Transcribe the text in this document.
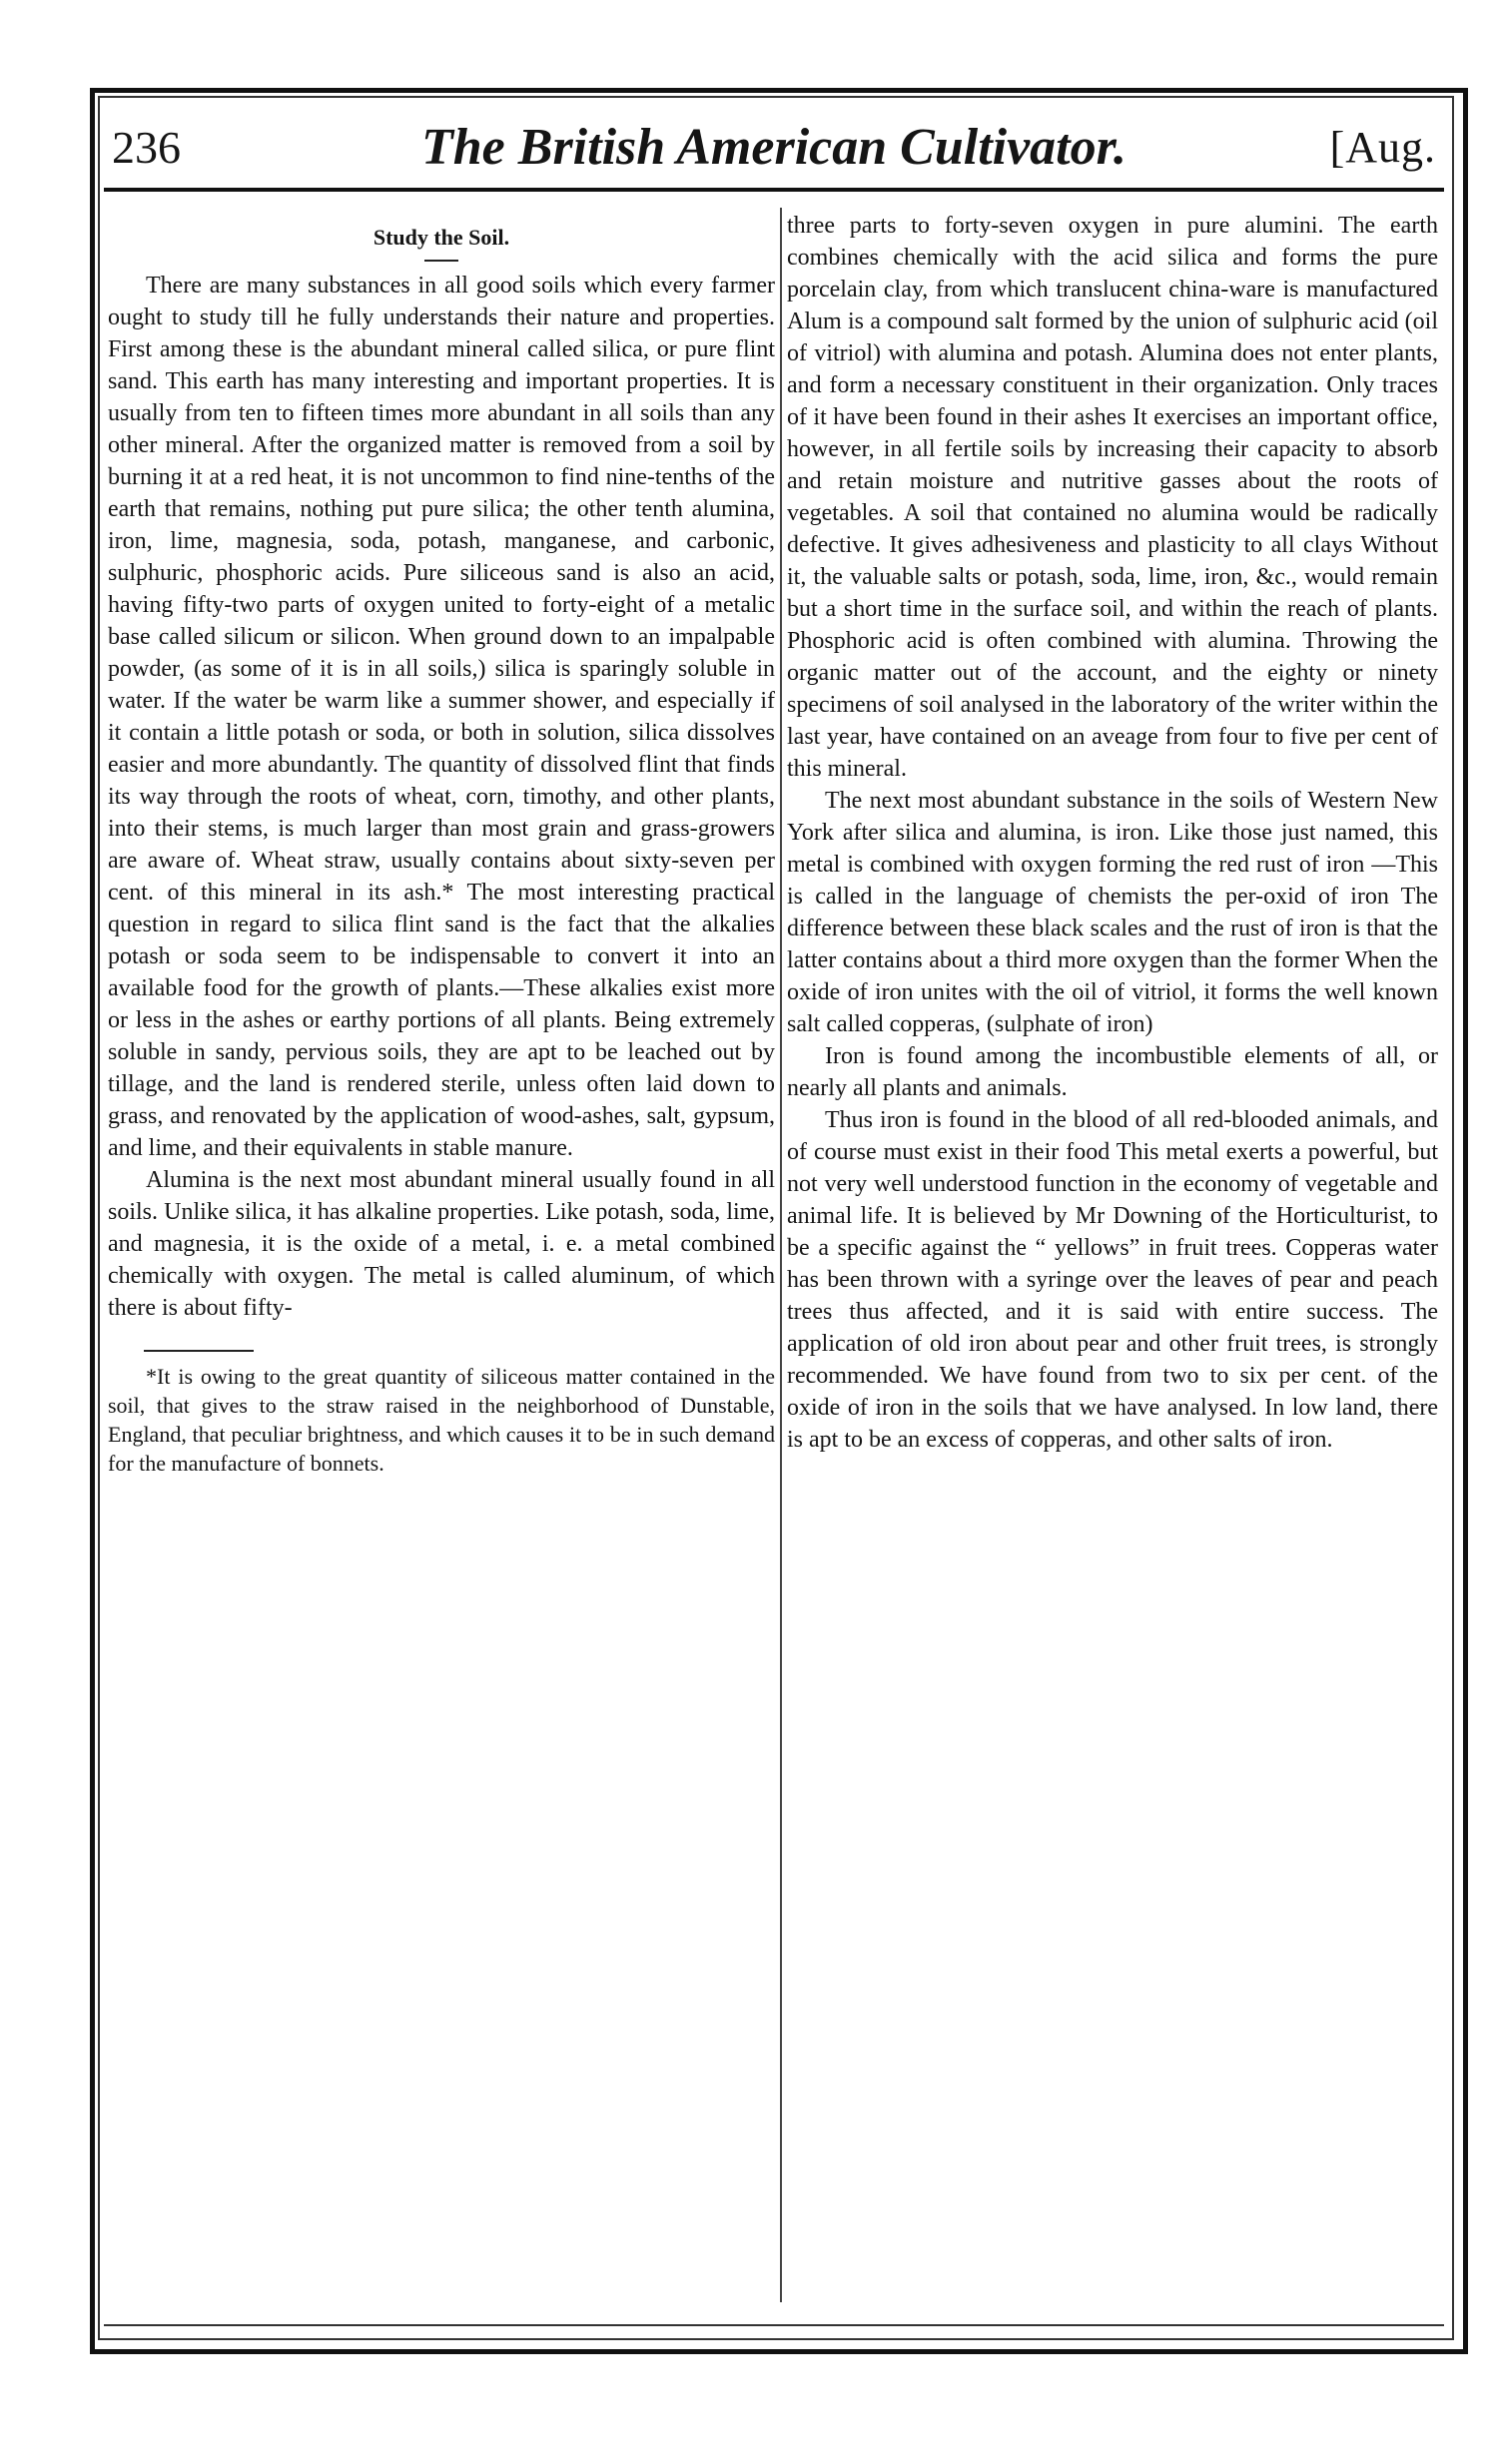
236	The British American Cultivator.	[Aug.
Study the Soil.

There are many substances in all good soils which every farmer ought to study till he fully understands their nature and properties. First among these is the abundant mineral called silica, or pure flint sand. This earth has many interesting and important properties. It is usually from ten to fifteen times more abundant in all soils than any other mineral. After the organized matter is removed from a soil by burning it at a red heat, it is not uncommon to find nine-tenths of the earth that remains, nothing put pure silica; the other tenth alumina, iron, lime, magnesia, soda, potash, manganese, and carbonic, sulphuric, phosphoric acids. Pure siliceous sand is also an acid, having fifty-two parts of oxygen united to forty-eight of a metalic base called silicum or silicon. When ground down to an impalpable powder, (as some of it is in all soils,) silica is sparingly soluble in water. If the water be warm like a summer shower, and especially if it contain a little potash or soda, or both in solution, silica dissolves easier and more abundantly. The quantity of dissolved flint that finds its way through the roots of wheat, corn, timothy, and other plants, into their stems, is much larger than most grain and grass-growers are aware of. Wheat straw, usually contains about sixty-seven per cent. of this mineral in its ash.* The most interesting practical question in regard to silica flint sand is the fact that the alkalies potash or soda seem to be indispensable to convert it into an available food for the growth of plants.—These alkalies exist more or less in the ashes or earthy portions of all plants. Being extremely soluble in sandy, pervious soils, they are apt to be leached out by tillage, and the land is rendered sterile, unless often laid down to grass, and renovated by the application of wood-ashes, salt, gypsum, and lime, and their equivalents in stable manure.

Alumina is the next most abundant mineral usually found in all soils. Unlike silica, it has alkaline properties. Like potash, soda, lime, and magnesia, it is the oxide of a metal, i. e. a metal combined chemically with oxygen. The metal is called aluminum, of which there is about fifty-

*It is owing to the great quantity of siliceous matter contained in the soil, that gives to the straw raised in the neighborhood of Dunstable, England, that peculiar brightness, and which causes it to be in such demand for the manufacture of bonnets.

three parts to forty-seven oxygen in pure alumini. The earth combines chemically with the acid silica and forms the pure porcelain clay, from which translucent china-ware is manufactured Alum is a compound salt formed by the union of sulphuric acid (oil of vitriol) with alumina and potash. Alumina does not enter plants, and form a necessary constituent in their organization. Only traces of it have been found in their ashes It exercises an important office, however, in all fertile soils by increasing their capacity to absorb and retain moisture and nutritive gasses about the roots of vegetables. A soil that contained no alumina would be radically defective. It gives adhesiveness and plasticity to all clays Without it, the valuable salts or potash, soda, lime, iron, &c., would remain but a short time in the surface soil, and within the reach of plants. Phosphoric acid is often combined with alumina. Throwing the organic matter out of the account, and the eighty or ninety specimens of soil analysed in the laboratory of the writer within the last year, have contained on an aveage from four to five per cent of this mineral.

The next most abundant substance in the soils of Western New York after silica and alumina, is iron. Like those just named, this metal is combined with oxygen forming the red rust of iron —This is called in the language of chemists the per-oxid of iron The difference between these black scales and the rust of iron is that the latter contains about a third more oxygen than the former When the oxide of iron unites with the oil of vitriol, it forms the well known salt called copperas, (sulphate of iron)

Iron is found among the incombustible elements of all, or nearly all plants and animals.

Thus iron is found in the blood of all red-blooded animals, and of course must exist in their food This metal exerts a powerful, but not very well understood function in the economy of vegetable and animal life. It is believed by Mr Downing of the Horticulturist, to be a specific against the “ yellows” in fruit trees. Copperas water has been thrown with a syringe over the leaves of pear and peach trees thus affected, and it is said with entire success. The application of old iron about pear and other fruit trees, is strongly recommended. We have found from two to six per cent. of the oxide of iron in the soils that we have analysed. In low land, there is apt to be an excess of copperas, and other salts of iron.
